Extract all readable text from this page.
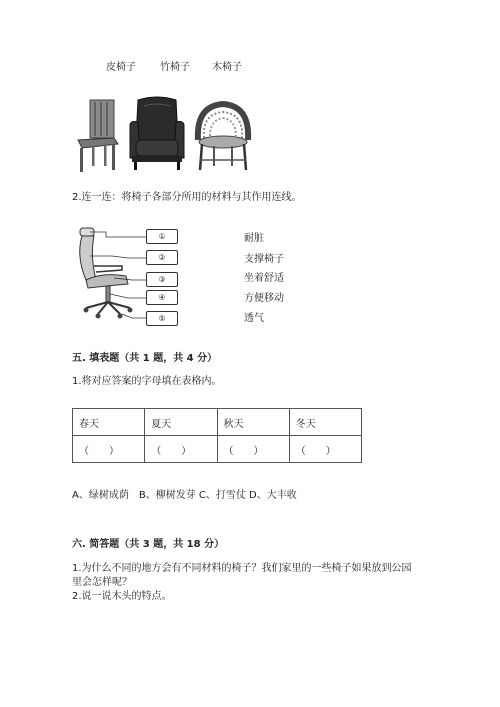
皮椅子 竹椅子 木椅子
2.连一连：将椅子各部分所用的材料与其作用连线。
①
②
③
④
⑤
耐脏
支撑椅子
坐着舒适
方便移动
透气
五. 填表题（共 1 题，共 4 分）
1.将对应答案的字母填在表格内。
春天	夏天	秋天	冬天
（　　）	（　　）	（　　）	（　　）
A、绿树成荫　B、柳树发芽 C、打雪仗 D、大丰收
六. 简答题（共 3 题，共 18 分）
1.为什么不同的地方会有不同材料的椅子？我们家里的一些椅子如果放到公园
里会怎样呢？
2.说一说木头的特点。
